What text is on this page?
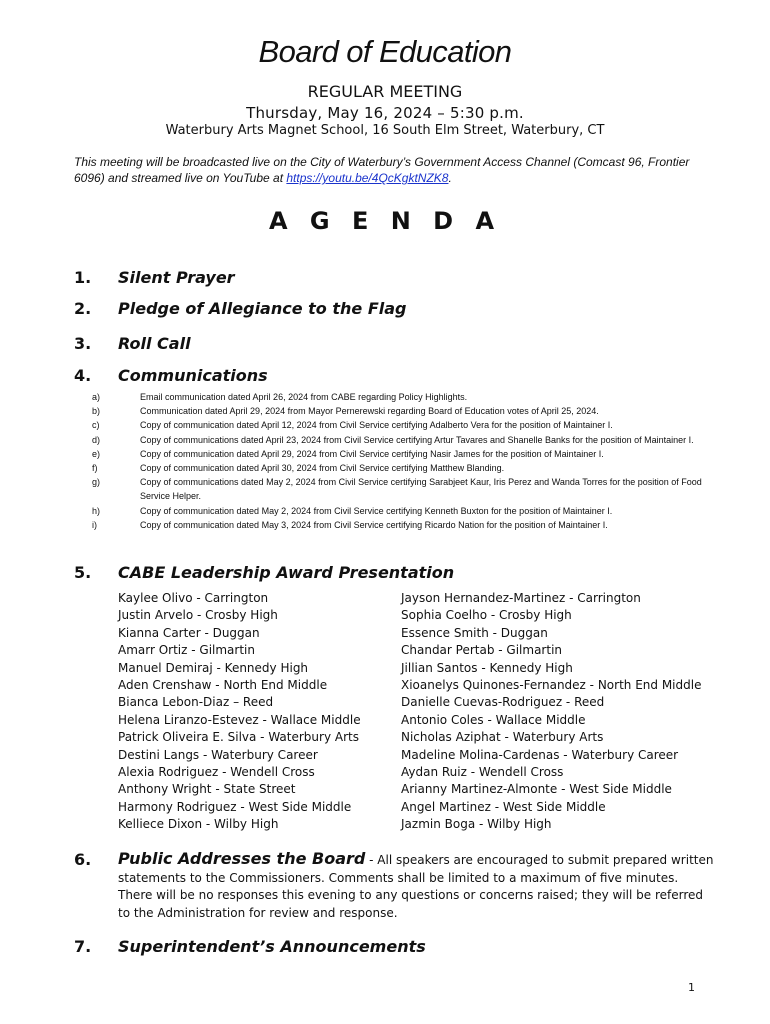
Board of Education
REGULAR MEETING
Thursday, May 16, 2024 – 5:30 p.m.
Waterbury Arts Magnet School, 16 South Elm Street, Waterbury, CT
This meeting will be broadcasted live on the City of Waterbury’s Government Access Channel (Comcast 96, Frontier 6096) and streamed live on YouTube at https://youtu.be/4QcKgktNZK8.
A G E N D A
1. Silent Prayer
2. Pledge of Allegiance to the Flag
3. Roll Call
4. Communications
a)	Email communication dated April 26, 2024 from CABE regarding Policy Highlights.
b)	Communication dated April 29, 2024 from Mayor Pernerewski regarding Board of Education votes of April 25, 2024.
c)	Copy of communication dated April 12, 2024 from Civil Service certifying Adalberto Vera for the position of Maintainer I.
d)	Copy of communications dated April 23, 2024 from Civil Service certifying Artur Tavares and Shanelle Banks for the position of Maintainer I.
e)	Copy of communication dated April 29, 2024 from Civil Service certifying Nasir James for the position of Maintainer I.
f)	Copy of communication dated April 30, 2024 from Civil Service certifying Matthew Blanding.
g)	Copy of communications dated May 2, 2024 from Civil Service certifying Sarabjeet Kaur, Iris Perez and Wanda Torres for the position of Food Service Helper.
h)	Copy of communication dated May 2, 2024 from Civil Service certifying Kenneth Buxton for the position of Maintainer I.
i)	Copy of communication dated May 3, 2024 from Civil Service certifying Ricardo Nation for the position of Maintainer I.
5. CABE Leadership Award Presentation
Kaylee Olivo - Carrington
Justin Arvelo - Crosby High
Kianna Carter - Duggan
Amarr Ortiz - Gilmartin
Manuel Demiraj - Kennedy High
Aden Crenshaw - North End Middle
Bianca Lebon-Diaz – Reed
Helena Liranzo-Estevez - Wallace Middle
Patrick Oliveira E. Silva - Waterbury Arts
Destini Langs - Waterbury Career
Alexia Rodriguez - Wendell Cross
Anthony Wright - State Street
Harmony Rodriguez - West Side Middle
Kelliece Dixon - Wilby High
Jayson Hernandez-Martinez - Carrington
Sophia Coelho - Crosby High
Essence Smith - Duggan
Chandar Pertab - Gilmartin
Jillian Santos - Kennedy High
Xioanelys Quinones-Fernandez - North End Middle
Danielle Cuevas-Rodriguez - Reed
Antonio Coles - Wallace Middle
Nicholas Aziphat - Waterbury Arts
Madeline Molina-Cardenas - Waterbury Career
Aydan Ruiz - Wendell Cross
Arianny Martinez-Almonte - West Side Middle
Angel Martinez - West Side Middle
Jazmin Boga - Wilby High
6. Public Addresses the Board - All speakers are encouraged to submit prepared written statements to the Commissioners. Comments shall be limited to a maximum of five minutes. There will be no responses this evening to any questions or concerns raised; they will be referred to the Administration for review and response.
7. Superintendent’s Announcements
1
